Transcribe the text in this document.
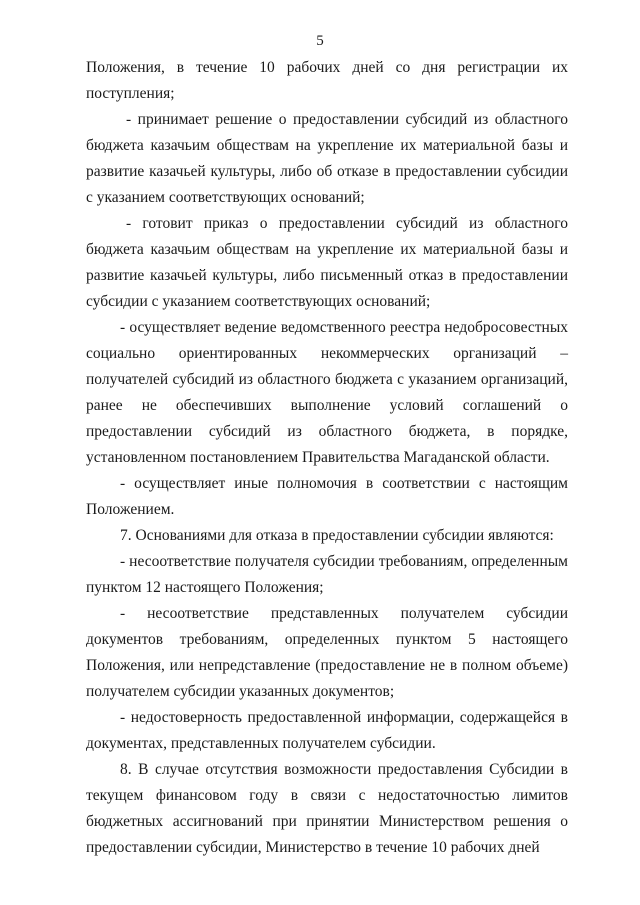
5

Положения, в течение 10 рабочих дней со дня регистрации их поступления;

- принимает решение о предоставлении субсидий из областного бюджета казачьим обществам на укрепление их материальной базы и развитие казачьей культуры, либо об отказе в предоставлении субсидии с указанием соответствующих оснований;

- готовит приказ о предоставлении субсидий из областного бюджета казачьим обществам на укрепление их материальной базы и развитие казачьей культуры, либо письменный отказ в предоставлении субсидии с указанием соответствующих оснований;

- осуществляет ведение ведомственного реестра недобросовестных социально ориентированных некоммерческих организаций – получателей субсидий из областного бюджета с указанием организаций, ранее не обеспечивших выполнение условий соглашений о предоставлении субсидий из областного бюджета, в порядке, установленном постановлением Правительства Магаданской области.

- осуществляет иные полномочия в соответствии с настоящим Положением.

7. Основаниями для отказа в предоставлении субсидии являются:

- несоответствие получателя субсидии требованиям, определенным пунктом 12 настоящего Положения;

- несоответствие представленных получателем субсидии документов требованиям, определенных пунктом 5 настоящего Положения, или непредставление (предоставление не в полном объеме) получателем субсидии указанных документов;

- недостоверность предоставленной информации, содержащейся в документах, представленных получателем субсидии.

8. В случае отсутствия возможности предоставления Субсидии в текущем финансовом году в связи с недостаточностью лимитов бюджетных ассигнований при принятии Министерством решения о предоставлении субсидии, Министерство в течение 10 рабочих дней
